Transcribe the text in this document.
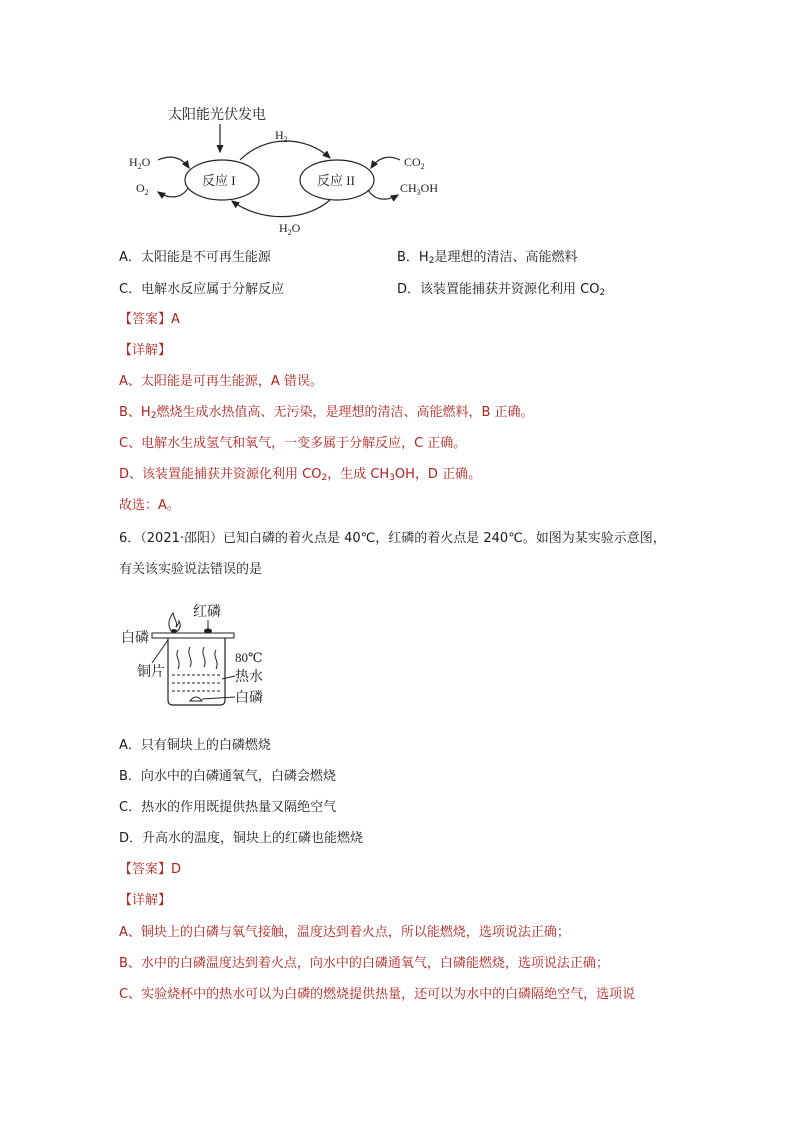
太阳能光伏发电
反应 I	反应 II
$H_2$
$H_2O$
$H_2O$
$O_2$
$CO_2$
$CH_3OH$
A．太阳能是不可再生能源	B．$H_2$是理想的清洁、高能燃料
C．电解水反应属于分解反应	D．该装置能捕获并资源化利用 $CO_2$
【答案】A
【详解】
A、太阳能是可再生能源，A 错误。
B、$H_2$燃烧生成水热值高、无污染，是理想的清洁、高能燃料，B 正确。
C、电解水生成氢气和氧气，一变多属于分解反应，C 正确。
D、该装置能捕获并资源化利用 $CO_2$，生成 $CH_3OH$，D 正确。
故选：A。
6．（2021·邵阳）已知白磷的着火点是 40℃，红磷的着火点是 240℃。如图为某实验示意图，
有关该实验说法错误的是
红磷
白磷
铜片
80℃
热水
白磷
A．只有铜块上的白磷燃烧
B．向水中的白磷通氧气，白磷会燃烧
C．热水的作用既提供热量又隔绝空气
D．升高水的温度，铜块上的红磷也能燃烧
【答案】D
【详解】
A、铜块上的白磷与氧气接触，温度达到着火点，所以能燃烧，选项说法正确；
B、水中的白磷温度达到着火点，向水中的白磷通氧气，白磷能燃烧，选项说法正确；
C、实验烧杯中的热水可以为白磷的燃烧提供热量，还可以为水中的白磷隔绝空气，选项说
